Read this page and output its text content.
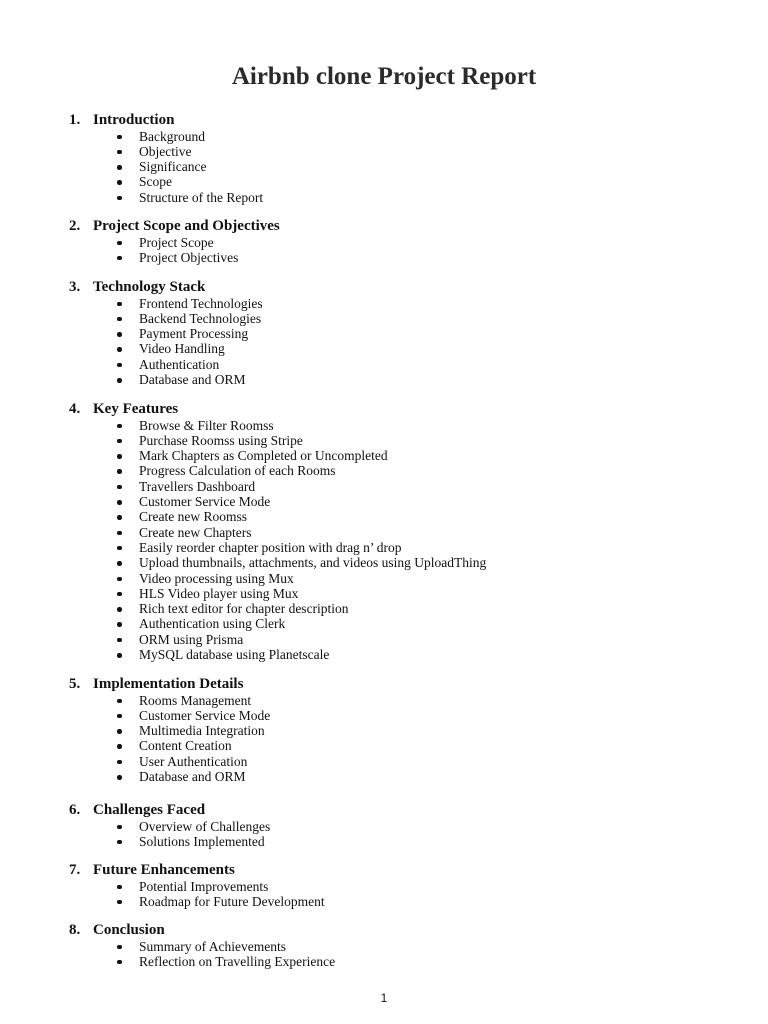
Airbnb clone Project Report
1. Introduction
Background
Objective
Significance
Scope
Structure of the Report
2. Project Scope and Objectives
Project Scope
Project Objectives
3. Technology Stack
Frontend Technologies
Backend Technologies
Payment Processing
Video Handling
Authentication
Database and ORM
4. Key Features
Browse & Filter Roomss
Purchase Roomss using Stripe
Mark Chapters as Completed or Uncompleted
Progress Calculation of each Rooms
Travellers Dashboard
Customer Service Mode
Create new Roomss
Create new Chapters
Easily reorder chapter position with drag n’ drop
Upload thumbnails, attachments, and videos using UploadThing
Video processing using Mux
HLS Video player using Mux
Rich text editor for chapter description
Authentication using Clerk
ORM using Prisma
MySQL database using Planetscale
5. Implementation Details
Rooms Management
Customer Service Mode
Multimedia Integration
Content Creation
User Authentication
Database and ORM
6. Challenges Faced
Overview of Challenges
Solutions Implemented
7. Future Enhancements
Potential Improvements
Roadmap for Future Development
8. Conclusion
Summary of Achievements
Reflection on Travelling Experience
1
